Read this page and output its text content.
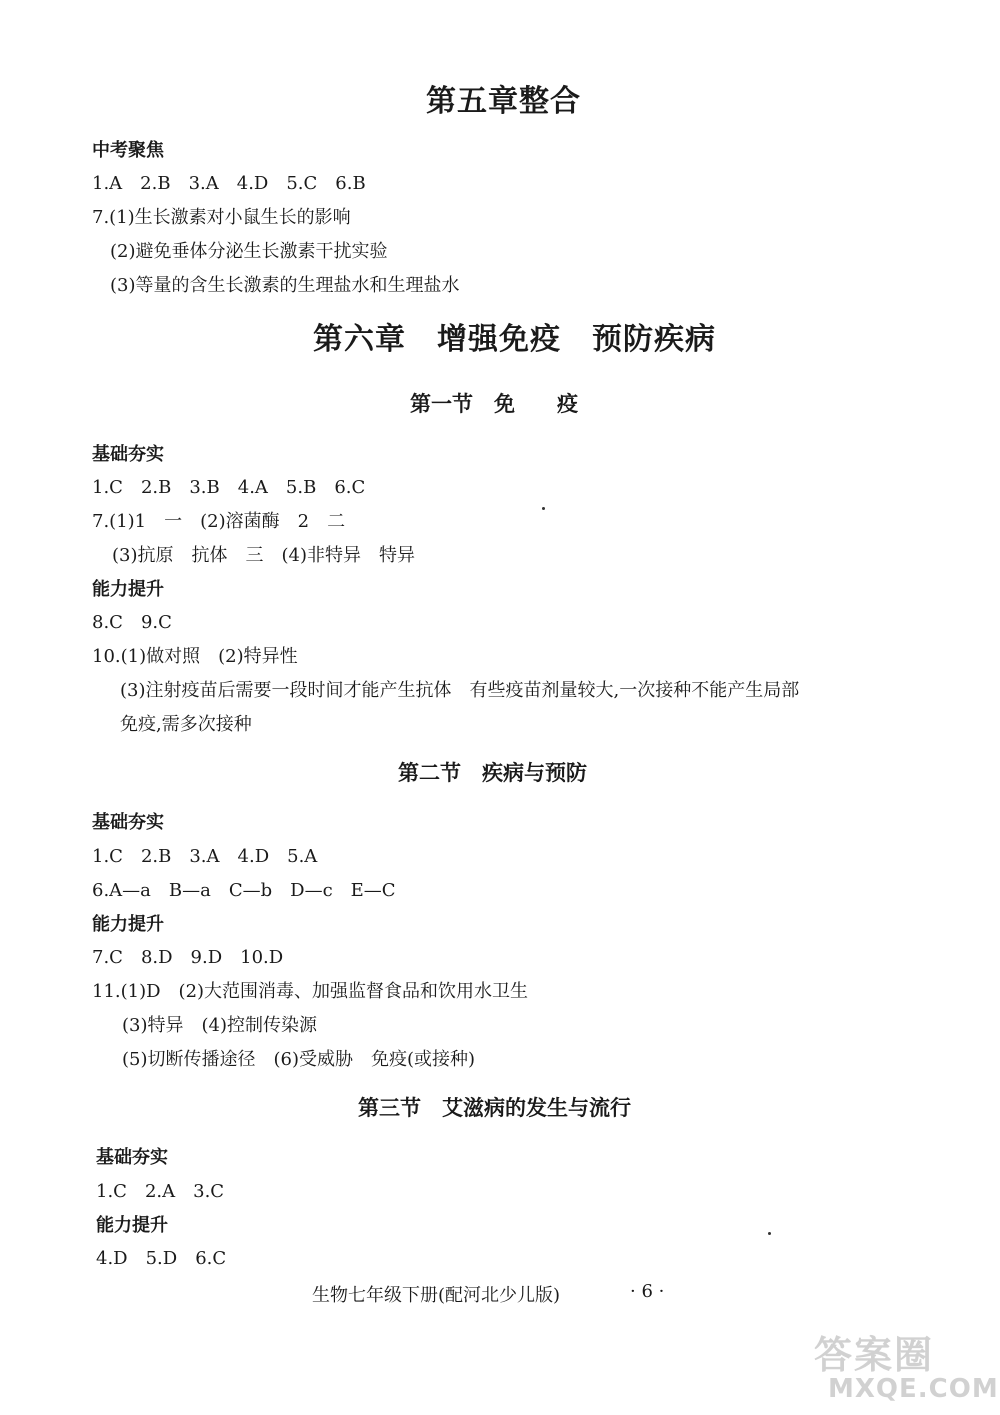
第五章整合
中考聚焦
1.A　2.B　3.A　4.D　5.C　6.B
7.(1)生长激素对小鼠生长的影响
(2)避免垂体分泌生长激素干扰实验
(3)等量的含生长激素的生理盐水和生理盐水
第六章　增强免疫　预防疾病
第一节　免　　疫
基础夯实
1.C　2.B　3.B　4.A　5.B　6.C
7.(1)1　一　(2)溶菌酶　2　二
(3)抗原　抗体　三　(4)非特异　特异
能力提升
8.C　9.C
10.(1)做对照　(2)特异性
(3)注射疫苗后需要一段时间才能产生抗体　有些疫苗剂量较大,一次接种不能产生局部
免疫,需多次接种
第二节　疾病与预防
基础夯实
1.C　2.B　3.A　4.D　5.A
6.A—a　B—a　C—b　D—c　E—C
能力提升
7.C　8.D　9.D　10.D
11.(1)D　(2)大范围消毒、加强监督食品和饮用水卫生
(3)特异　(4)控制传染源
(5)切断传播途径　(6)受威胁　免疫(或接种)
第三节　艾滋病的发生与流行
基础夯实
1.C　2.A　3.C
能力提升
4.D　5.D　6.C
生物七年级下册(配河北少儿版)	· 6 ·
答案圈
MXQE.COM
